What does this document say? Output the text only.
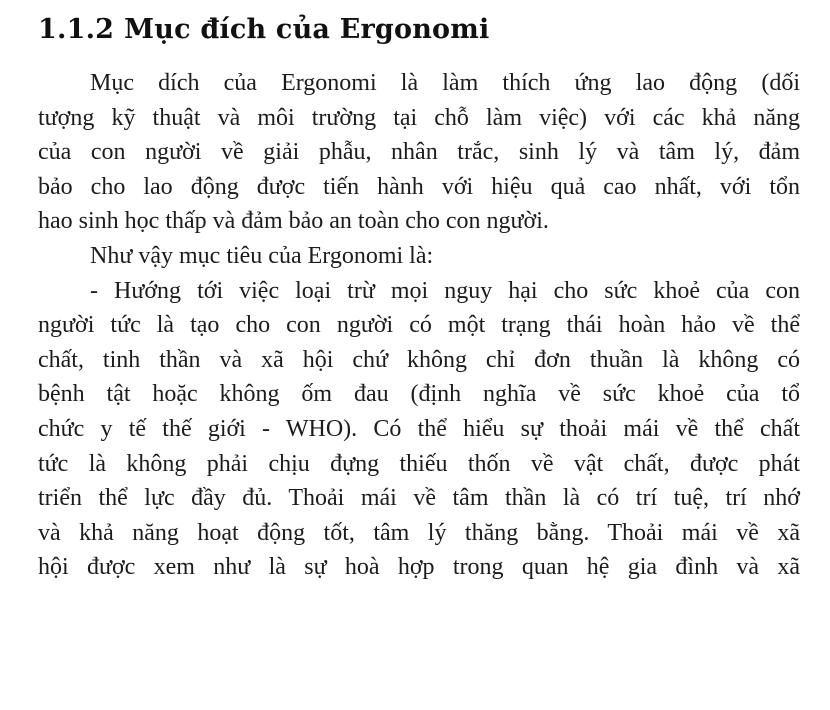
1.1.2 Mục đích của Ergonomi
Mục dích của Ergonomi là làm thích ứng lao động (dối
tượng kỹ thuật và môi trường tại chỗ làm việc) với các khả năng
của con người về giải phẫu, nhân trắc, sinh lý và tâm lý, đảm
bảo cho lao động được tiến hành với hiệu quả cao nhất, với tổn
hao sinh học thấp và đảm bảo an toàn cho con người.
Như vậy mục tiêu của Ergonomi là:
- Hướng tới việc loại trừ mọi nguy hại cho sức khoẻ của con
người tức là tạo cho con người có một trạng thái hoàn hảo về thể
chất, tinh thần và xã hội chứ không chỉ đơn thuần là không có
bệnh tật hoặc không ốm đau (định nghĩa về sức khoẻ của tổ
chức y tế thế giới - WHO). Có thể hiểu sự thoải mái về thể chất
tức là không phải chịu đựng thiếu thốn về vật chất, được phát
triển thể lực đầy đủ. Thoải mái về tâm thần là có trí tuệ, trí nhớ
và khả năng hoạt động tốt, tâm lý thăng bằng. Thoải mái về xã
hội được xem như là sự hoà hợp trong quan hệ gia đình và xã
